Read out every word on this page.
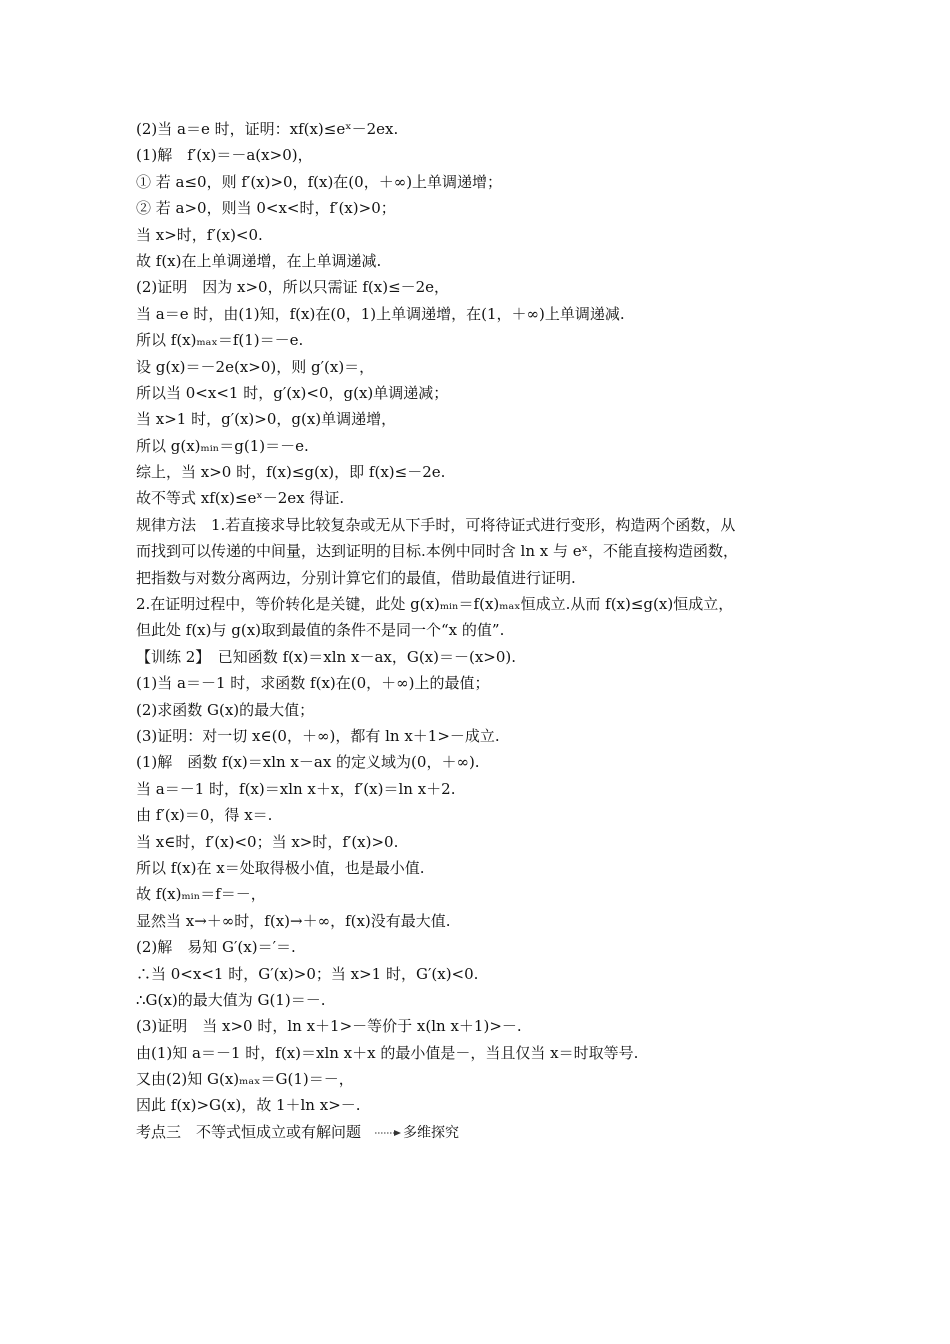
(2)当 a＝e 时，证明：xf(x)≤eˣ－2ex.
(1)解　f′(x)＝－a(x>0)，
① 若 a≤0，则 f′(x)>0，f(x)在(0，＋∞)上单调递增；
② 若 a>0，则当 0<x<时，f′(x)>0；
当 x>时，f′(x)<0.
故 f(x)在上单调递增，在上单调递减.
(2)证明　因为 x>0，所以只需证 f(x)≤－2e，
当 a＝e 时，由(1)知，f(x)在(0，1)上单调递增，在(1，＋∞)上单调递减.
所以 f(x)ₘₐₓ＝f(1)＝－e.
设 g(x)＝－2e(x>0)，则 g′(x)＝，
所以当 0<x<1 时，g′(x)<0，g(x)单调递减；
当 x>1 时，g′(x)>0，g(x)单调递增，
所以 g(x)ₘᵢₙ＝g(1)＝－e.
综上，当 x>0 时，f(x)≤g(x)，即 f(x)≤－2e.
故不等式 xf(x)≤eˣ－2ex 得证.
规律方法　1.若直接求导比较复杂或无从下手时，可将待证式进行变形，构造两个函数，从
而找到可以传递的中间量，达到证明的目标.本例中同时含 ln x 与 eˣ，不能直接构造函数，
把指数与对数分离两边，分别计算它们的最值，借助最值进行证明.
2.在证明过程中，等价转化是关键，此处 g(x)ₘᵢₙ＝f(x)ₘₐₓ恒成立.从而 f(x)≤g(x)恒成立，
但此处 f(x)与 g(x)取到最值的条件不是同一个“x 的值”.
【训练 2】　已知函数 f(x)＝xln x－ax，G(x)＝－(x>0).
(1)当 a＝－1 时，求函数 f(x)在(0，＋∞)上的最值；
(2)求函数 G(x)的最大值；
(3)证明：对一切 x∈(0，＋∞)，都有 ln x＋1>－成立.
(1)解　函数 f(x)＝xln x－ax 的定义域为(0，＋∞).
当 a＝－1 时，f(x)＝xln x＋x，f′(x)＝ln x＋2.
由 f′(x)＝0，得 x＝.
当 x∈时，f′(x)<0；当 x>时，f′(x)>0.
所以 f(x)在 x＝处取得极小值，也是最小值.
故 f(x)ₘᵢₙ＝f＝－，
显然当 x→＋∞时，f(x)→＋∞，f(x)没有最大值.
(2)解　易知 G′(x)＝′＝.
∴当 0<x<1 时，G′(x)>0；当 x>1 时，G′(x)<0.
∴G(x)的最大值为 G(1)＝－.
(3)证明　当 x>0 时，ln x＋1>－等价于 x(ln x＋1)>－.
由(1)知 a＝－1 时，f(x)＝xln x＋x 的最小值是－，当且仅当 x＝时取等号.
又由(2)知 G(x)ₘₐₓ＝G(1)＝－，
因此 f(x)>G(x)，故 1＋ln x>－.
考点三　不等式恒成立或有解问题	多维探究
